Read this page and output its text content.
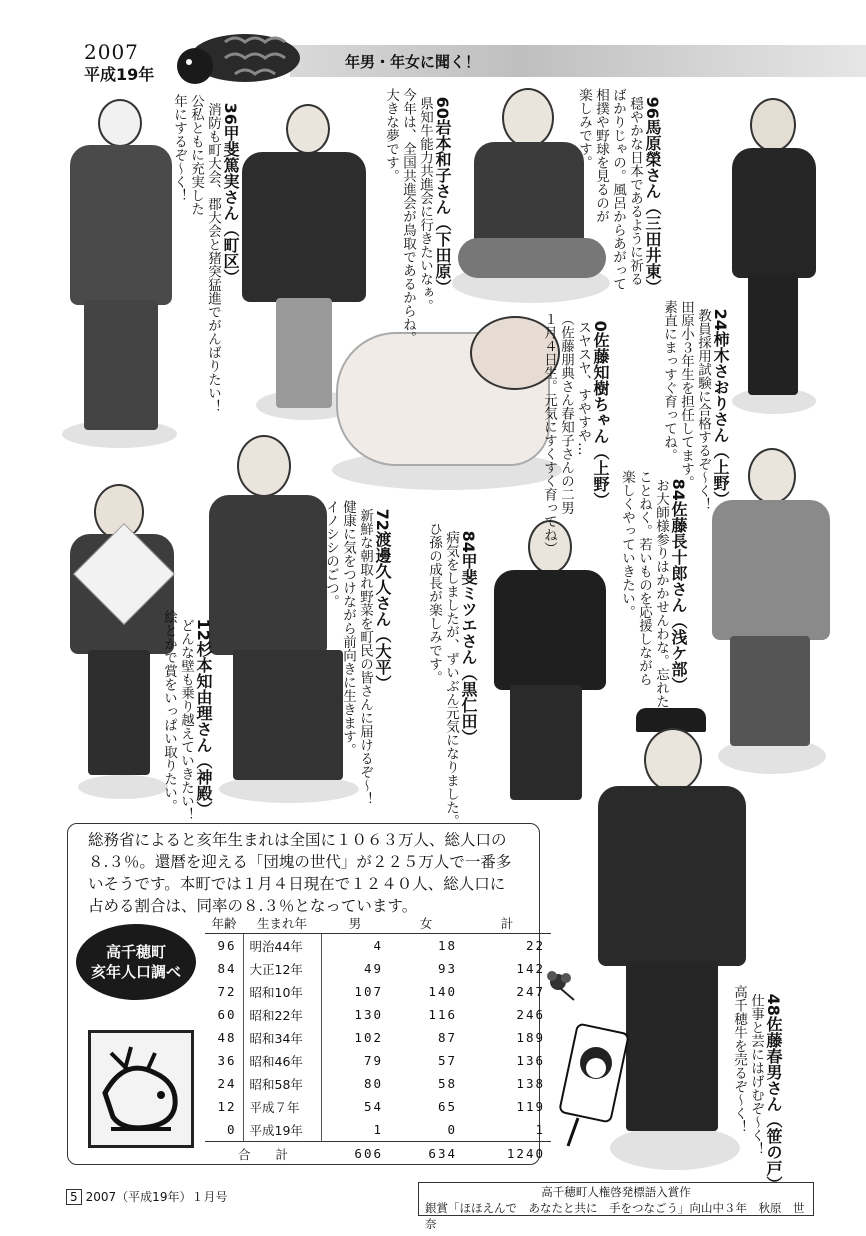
2007
平成19年
年男・年女に聞く！

96馬原榮さん（三田井東）
穏やかな日本であるように祈る
ばかりじゃの。風呂からあがって
相撲や野球を見るのが
楽しみです。

60岩本和子さん（下田原）
県知牛能力共進会に行きたいなぁ。
今年は、全国共進会が鳥取であるからね。
大きな夢です。

36甲斐篤実さん（町区）
消防も町大会、郡大会と猪突猛進でがんばりたい！
公私ともに充実した
年にするぞ〜く！

24柿木さおりさん（上野）
教員採用試験に合格するぞ〜く！
田原小３年生を担任してます。
素直にまっすぐ育ってね。

0佐藤知樹ちゃん（上野）
スヤスヤ、すやすや…
（佐藤朋典さん春知子さんの二男
１月４日生。元気にすくすく育ってね）

84佐藤長十郎さん（浅ケ部）
お大師様参りはかかせんわな。忘れた
ことねく。若いものを応援しながら
楽しくやっていきたい。

72渡邊久人さん（大平）
新鮮な朝取れ野菜を町民の皆さんに届けるぞ〜！
健康に気をつけながら前向きに生きます。
イノシシのごつ。	84甲斐ミツエさん（黒仁田）
病気をしましたが、ずいぶん元気になりました。
ひ孫の成長が楽しみです。

12杉本知由理さん（神殿）
どんな壁も乗り越えていきたい！
絵とかで賞をいっぱい取りたい。

48佐藤春男さん（笹の戸）
仕事と芸にはげむぞ〜く！
高千穂牛を売るぞ〜く！

総務省によると亥年生まれは全国に１０６３万人、総人口の８.３％。還暦を迎える「団塊の世代」が２２５万人で一番多いそうです。本町では１月４日現在で１２４０人、総人口に占める割合は、同率の８.３％となっています。
高千穂町
亥年人口調べ
年齢	生まれ年	男	女	計
96	明治44年	4	18	22
84	大正12年	49	93	142
72	昭和10年	107	140	247
60	昭和22年	130	116	246
48	昭和34年	102	87	189
36	昭和46年	79	57	136
24	昭和58年	80	58	138
12	平成７年	54	65	119
0	平成19年	1	0	1
合　　計		606	634	1240
5 2007（平成19年）１月号	高千穂町人権啓発標語入賞作
銀賞「ほほえんで　あなたと共に　手をつなごう」向山中３年　秋原　世奈
